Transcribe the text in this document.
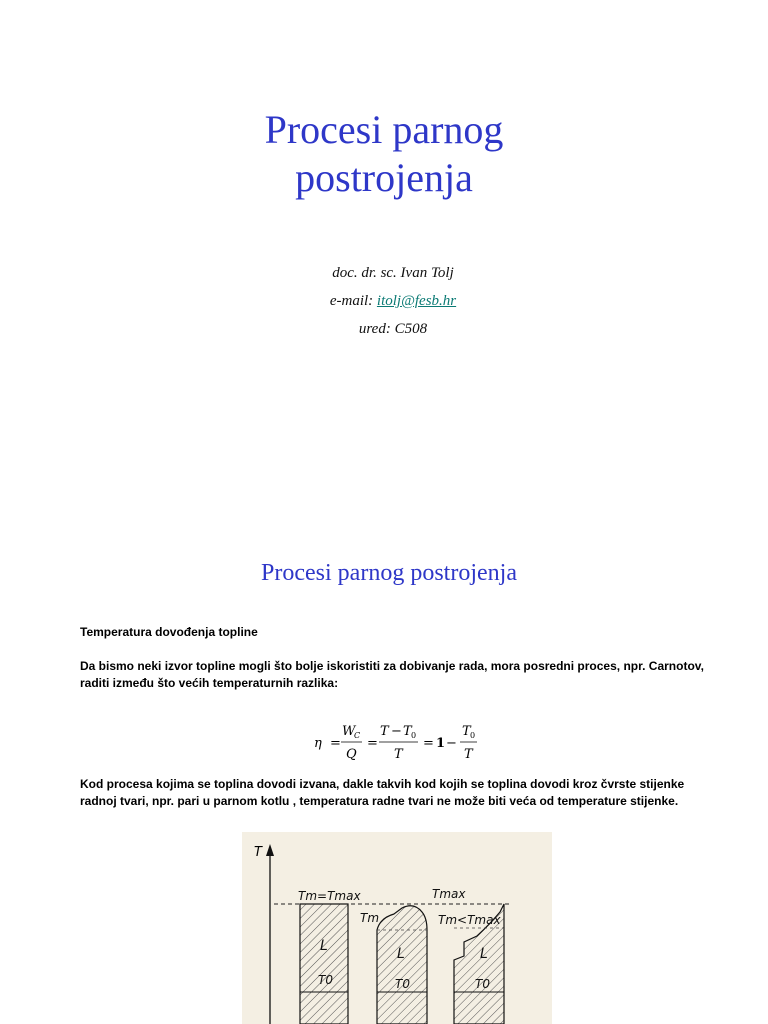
Procesi parnog
postrojenja
doc. dr. sc. Ivan Tolj
e-mail: itolj@fesb.hr
ured: C508
Procesi parnog postrojenja
Temperatura dovođenja topline
Da bismo neki izvor topline mogli što bolje iskoristiti za dobivanje rada, mora posredni proces, npr. Carnotov, raditi između što većih temperaturnih razlika:
η =
W
C
Q
=
T − T 0
T
= 1 −
T 0
T
Kod procesa kojima se toplina dovodi izvana, dakle takvih kod kojih se toplina dovodi kroz čvrste stijenke radnoj tvari, npr. pari u parnom kotlu , temperatura radne tvari ne može biti veća od temperature stijenke.
T
Tm=Tmax	Tmax
Tm	Tm<Tmax
L	L	L
T0	T0	T0
